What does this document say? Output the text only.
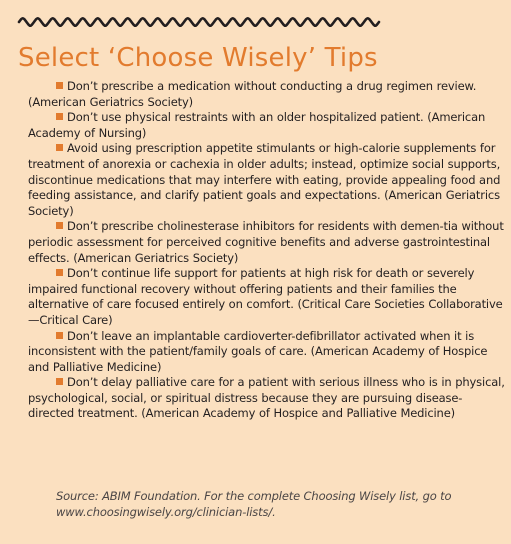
Select ‘Choose Wisely’ Tips
Don’t prescribe a medication without conducting a drug regimen review. (American Geriatrics Society)
Don’t use physical restraints with an older hospitalized patient. (American Academy of Nursing)
Avoid using prescription appetite stimulants or high-calorie supplements for treatment of anorexia or cachexia in older adults; instead, optimize social supports, discontinue medications that may interfere with eating, provide appealing food and feeding assistance, and clarify patient goals and expectations. (American Geriatrics Society)
Don’t prescribe cholinesterase inhibitors for residents with demen-tia without periodic assessment for perceived cognitive benefits and adverse gastrointestinal effects. (American Geriatrics Society)
Don’t continue life support for patients at high risk for death or severely impaired functional recovery without offering patients and their families the alternative of care focused entirely on comfort. (Critical Care Societies Collaborative—Critical Care)
Don’t leave an implantable cardioverter-defibrillator activated when it is inconsistent with the patient/family goals of care. (American Academy of Hospice and Palliative Medicine)
Don’t delay palliative care for a patient with serious illness who is in physical, psychological, social, or spiritual distress because they are pursuing disease-directed treatment. (American Academy of Hospice and Palliative Medicine)

Source: ABIM Foundation. For the complete Choosing Wisely list, go to www.choosingwisely.org/clinician-lists/.
